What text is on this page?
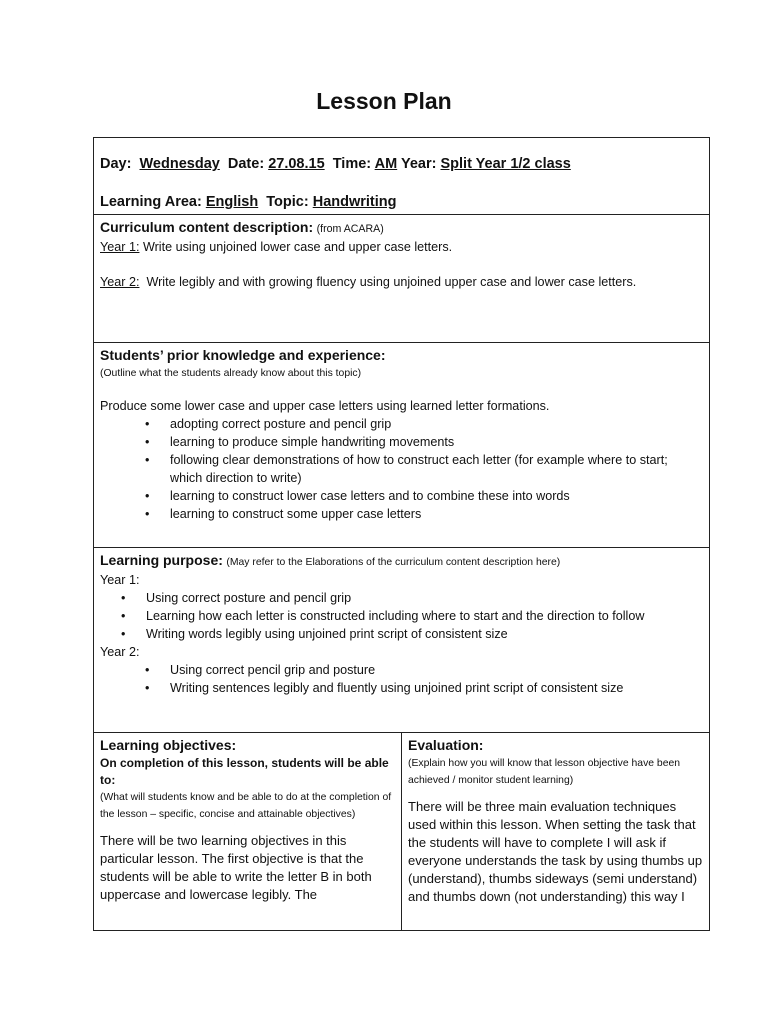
Lesson Plan
Day: Wednesday Date: 27.08.15 Time: AM Year: Split Year 1/2 class
Learning Area: English Topic: Handwriting

Curriculum content description: (from ACARA)
Year 1: Write using unjoined lower case and upper case letters.
Year 2: Write legibly and with growing fluency using unjoined upper case and lower case letters.

Students’ prior knowledge and experience:
(Outline what the students already know about this topic)
Produce some lower case and upper case letters using learned letter formations.
• adopting correct posture and pencil grip
• learning to produce simple handwriting movements
• following clear demonstrations of how to construct each letter (for example where to start; which direction to write)
• learning to construct lower case letters and to combine these into words
• learning to construct some upper case letters

Learning purpose: (May refer to the Elaborations of the curriculum content description here)
Year 1:
• Using correct posture and pencil grip
• Learning how each letter is constructed including where to start and the direction to follow
• Writing words legibly using unjoined print script of consistent size
Year 2:
• Using correct pencil grip and posture
• Writing sentences legibly and fluently using unjoined print script of consistent size

Learning objectives:
On completion of this lesson, students will be able to:
(What will students know and be able to do at the completion of the lesson – specific, concise and attainable objectives)
There will be two learning objectives in this particular lesson. The first objective is that the students will be able to write the letter B in both uppercase and lowercase legibly. The

Evaluation:
(Explain how you will know that lesson objective have been achieved / monitor student learning)
There will be three main evaluation techniques used within this lesson. When setting the task that the students will have to complete I will ask if everyone understands the task by using thumbs up (understand), thumbs sideways (semi understand) and thumbs down (not understanding) this way I
